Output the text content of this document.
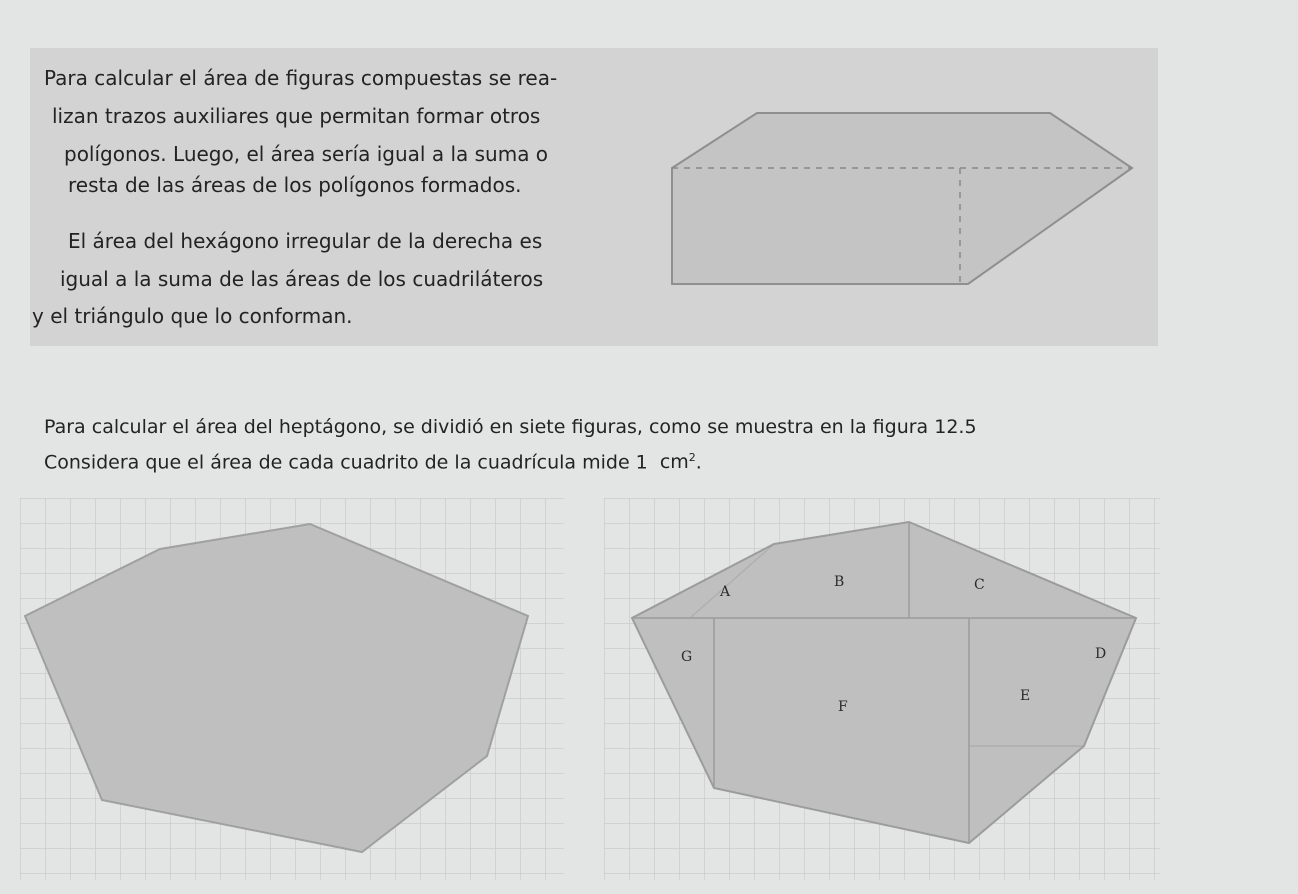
Para calcular el área de figuras compuestas se rea-

lizan trazos auxiliares que permitan formar otros

polígonos. Luego, el área sería igual a la suma o

resta de las áreas de los polígonos formados.

El área del hexágono irregular de la derecha es

igual a la suma de las áreas de los cuadriláteros

y el triángulo que lo conforman.

Para calcular el área del heptágono, se dividió en siete figuras, como se muestra en la figura 12.5

Considera que el área de cada cuadrito de la cuadrícula mide 1 $cm^2$.

A
B	C
G	D
E
F
